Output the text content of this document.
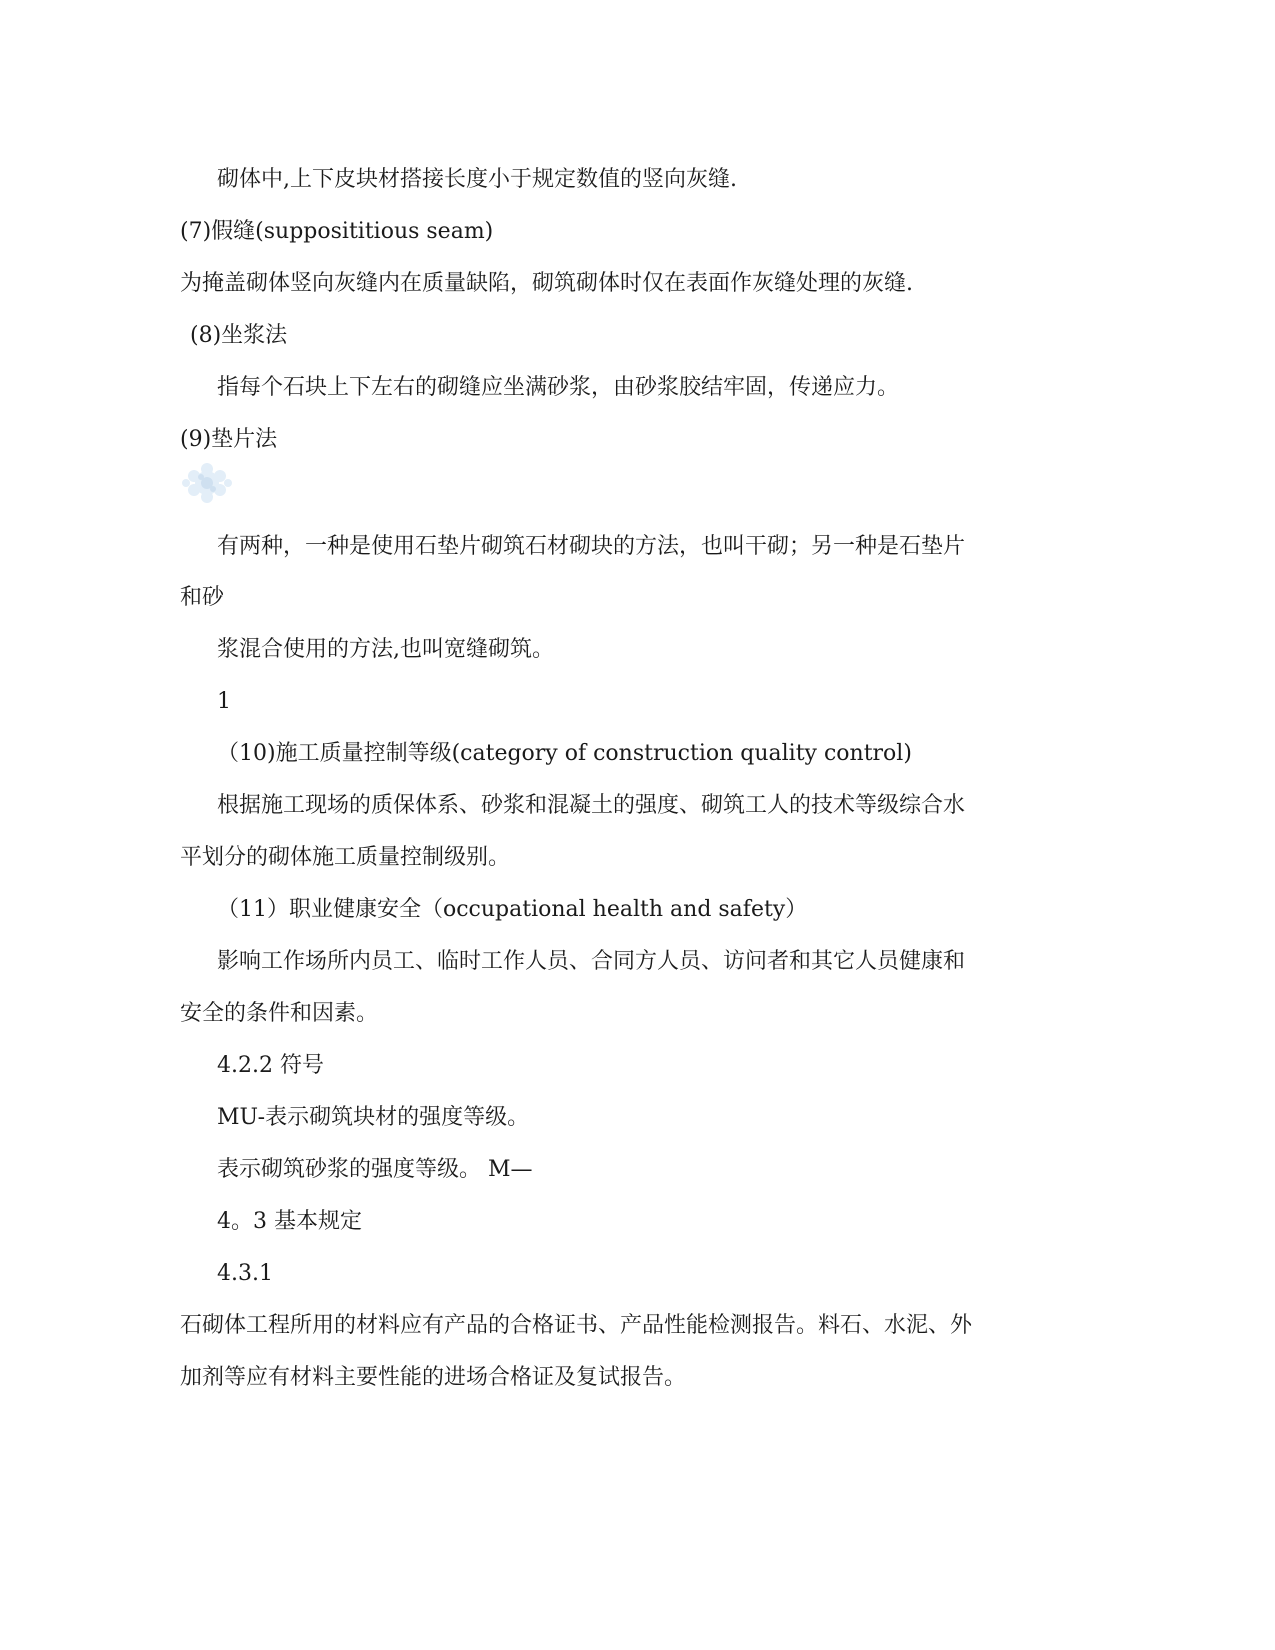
砌体中,上下皮块材搭接长度小于规定数值的竖向灰缝.
(7)假缝(supposititious seam)
为掩盖砌体竖向灰缝内在质量缺陷，砌筑砌体时仅在表面作灰缝处理的灰缝.
(8)坐浆法
指每个石块上下左右的砌缝应坐满砂浆，由砂浆胶结牢固，传递应力。
(9)垫片法
有两种，一种是使用石垫片砌筑石材砌块的方法，也叫干砌；另一种是石垫片
和砂
浆混合使用的方法,也叫宽缝砌筑。
1
（10)施工质量控制等级(category of construction quality control)
根据施工现场的质保体系、砂浆和混凝土的强度、砌筑工人的技术等级综合水
平划分的砌体施工质量控制级别。
（11）职业健康安全（occupational health and safety）
影响工作场所内员工、临时工作人员、合同方人员、访问者和其它人员健康和
安全的条件和因素。
4.2.2 符号
MU-表示砌筑块材的强度等级。
表示砌筑砂浆的强度等级。 M—
4。3 基本规定
4.3.1
石砌体工程所用的材料应有产品的合格证书、产品性能检测报告。料石、水泥、外
加剂等应有材料主要性能的进场合格证及复试报告。
